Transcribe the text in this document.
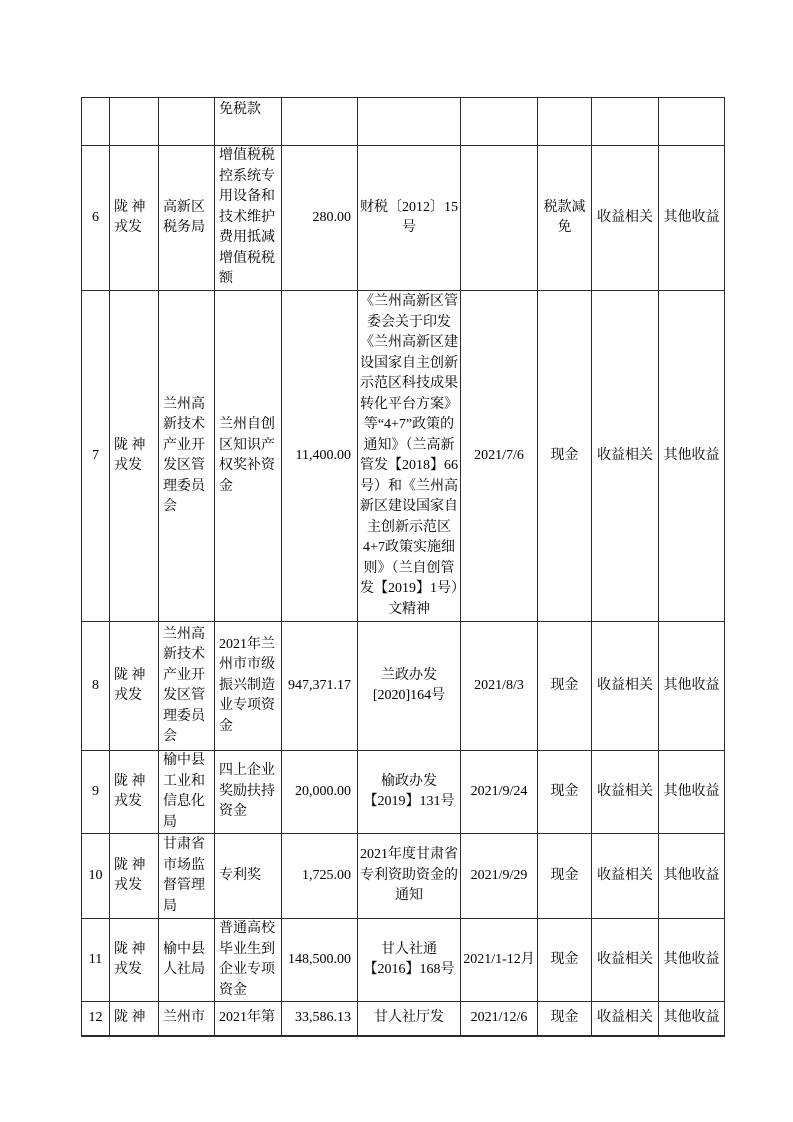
			免税款						
6	陇 神 戎发	高新区税务局	增值税税控系统专用设备和技术维护费用抵减增值税税额	280.00	财税〔2012〕15号		税款减免	收益相关	其他收益
7	陇 神 戎发	兰州高新技术产业开发区管理委员会	兰州自创区知识产权奖补资金	11,400.00	《兰州高新区管委会关于印发《兰州高新区建设国家自主创新示范区科技成果转化平台方案》等“4+7”政策的通知》（兰高新管发【2018】66号）和《兰州高新区建设国家自主创新示范区4+7政策实施细则》（兰自创管发【2019】1号）文精神	2021/7/6	现金	收益相关	其他收益
8	陇 神 戎发	兰州高新技术产业开发区管理委员会	2021年兰州市市级振兴制造业专项资金	947,371.17	兰政办发[2020]164号	2021/8/3	现金	收益相关	其他收益
9	陇 神 戎发	榆中县工业和信息化局	四上企业奖励扶持资金	20,000.00	榆政办发【2019】131号	2021/9/24	现金	收益相关	其他收益
10	陇 神 戎发	甘肃省市场监督管理局	专利奖	1,725.00	2021年度甘肃省专利资助资金的通知	2021/9/29	现金	收益相关	其他收益
11	陇 神 戎发	榆中县人社局	普通高校毕业生到企业专项资金	148,500.00	甘人社通【2016】168号	2021/1-12月	现金	收益相关	其他收益
12	陇 神	兰州市	2021年第	33,586.13	甘人社厅发	2021/12/6	现金	收益相关	其他收益
